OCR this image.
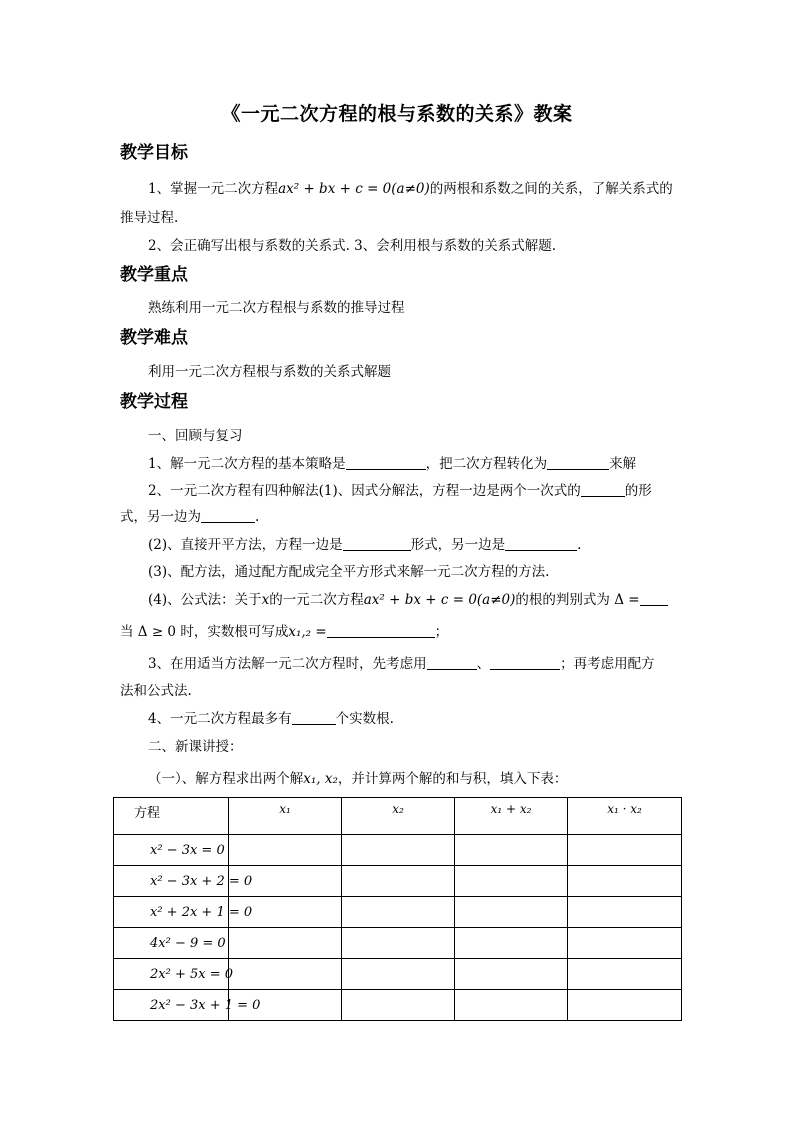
《一元二次方程的根与系数的关系》教案
教学目标
1、掌握一元二次方程ax² + bx + c = 0(a≠0)的两根和系数之间的关系，了解关系式的
推导过程.
2、会正确写出根与系数的关系式. 3、会利用根与系数的关系式解题.
教学重点
熟练利用一元二次方程根与系数的推导过程
教学难点
利用一元二次方程根与系数的关系式解题
教学过程
一、回顾与复习
1、解一元二次方程的基本策略是	，把二次方程转化为	来解
2、一元二次方程有四种解法(1)、因式分解法，方程一边是两个一次式的	的形
式，另一边为	.
(2)、直接开平方法，方程一边是	形式，另一边是	.
(3)、配方法，通过配方配成完全平方形式来解一元二次方程的方法.
(4)、公式法：关于x的一元二次方程ax² + bx + c = 0(a≠0)的根的判别式为 Δ =
当 Δ ≥ 0 时，实数根可写成x₁,₂ =	；
3、在用适当方法解一元二次方程时，先考虑用	、	；再考虑用配方
法和公式法.
4、一元二次方程最多有	个实数根.
二、新课讲授：
（一）、解方程求出两个解x₁, x₂，并计算两个解的和与积，填入下表：
方程	x₁	x₂	x₁ + x₂	x₁ · x₂
x² − 3x = 0				
x² − 3x + 2 = 0				
x² + 2x + 1 = 0				
4x² − 9 = 0				
2x² + 5x = 0				
2x² − 3x + 1 = 0				
